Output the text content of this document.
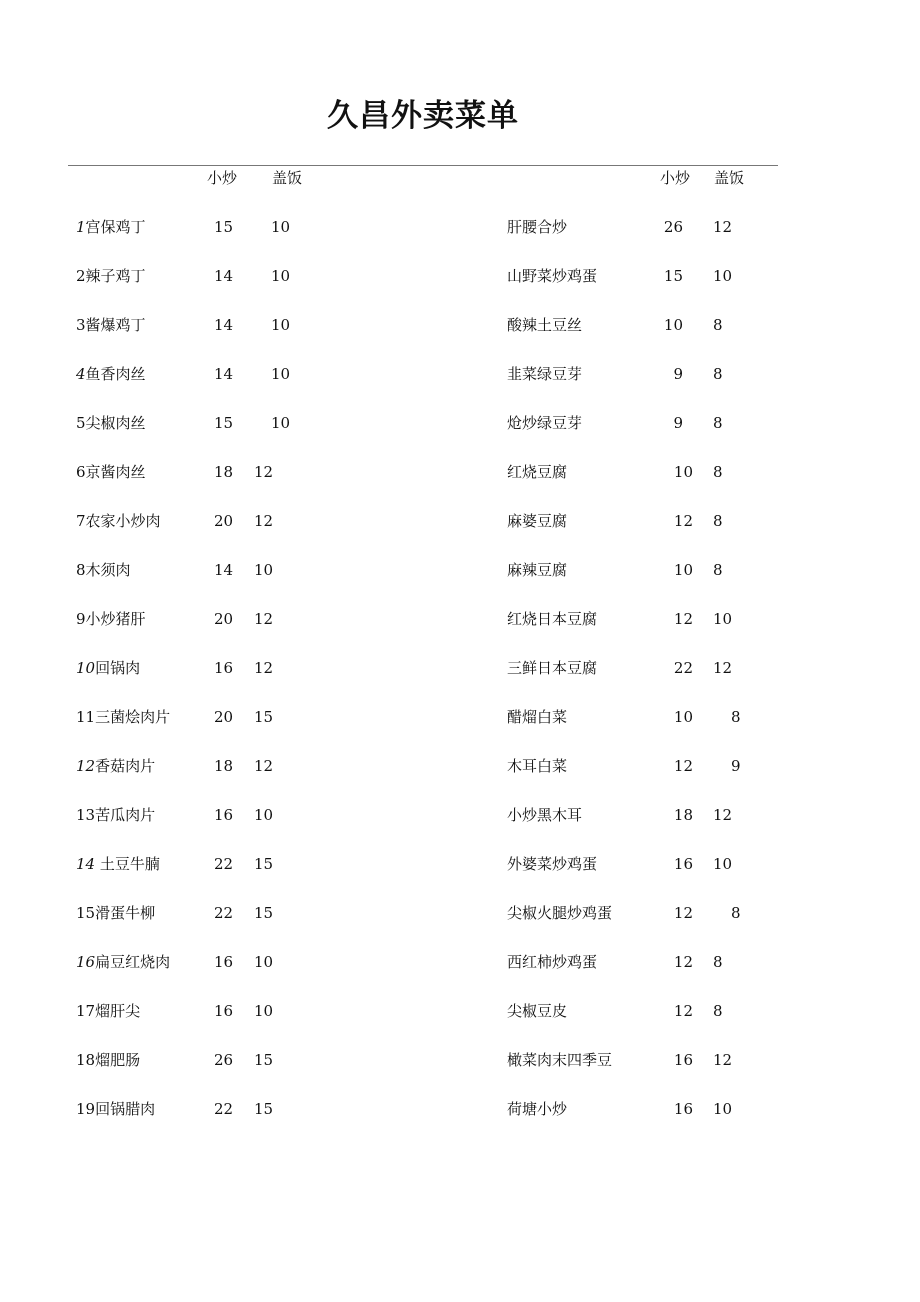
久昌外卖菜单
小炒 盖饭	小炒 盖饭
1宫保鸡丁	15	10
2辣子鸡丁	14	10
3酱爆鸡丁	14	10
4鱼香肉丝	14	10
5尖椒肉丝	15	10
6京酱肉丝	18 12
7农家小炒肉	20 12
8木须肉	14 10
9小炒猪肝	20 12
10回锅肉	16 12
11三菌烩肉片	20 15
12香菇肉片	18 12
13苦瓜肉片	16 10
14 土豆牛腩	22 15
15滑蛋牛柳	22 15
16扁豆红烧肉	16 10
17熘肝尖	16 10
18熘肥肠	26 15
19回锅腊肉	22 15
肝腰合炒	26 12
山野菜炒鸡蛋	15 10
酸辣土豆丝	10 8
韭菜绿豆芽	9 8
炝炒绿豆芽	9 8
红烧豆腐	10 8
麻婆豆腐	12 8
麻辣豆腐	10 8
红烧日本豆腐	12 10
三鲜日本豆腐	22 12
醋熘白菜	10	8
木耳白菜	12	9
小炒黑木耳	18 12
外婆菜炒鸡蛋	16 10
尖椒火腿炒鸡蛋	12	8
西红柿炒鸡蛋	12 8
尖椒豆皮	12 8
橄菜肉末四季豆	16 12
荷塘小炒	16 10
